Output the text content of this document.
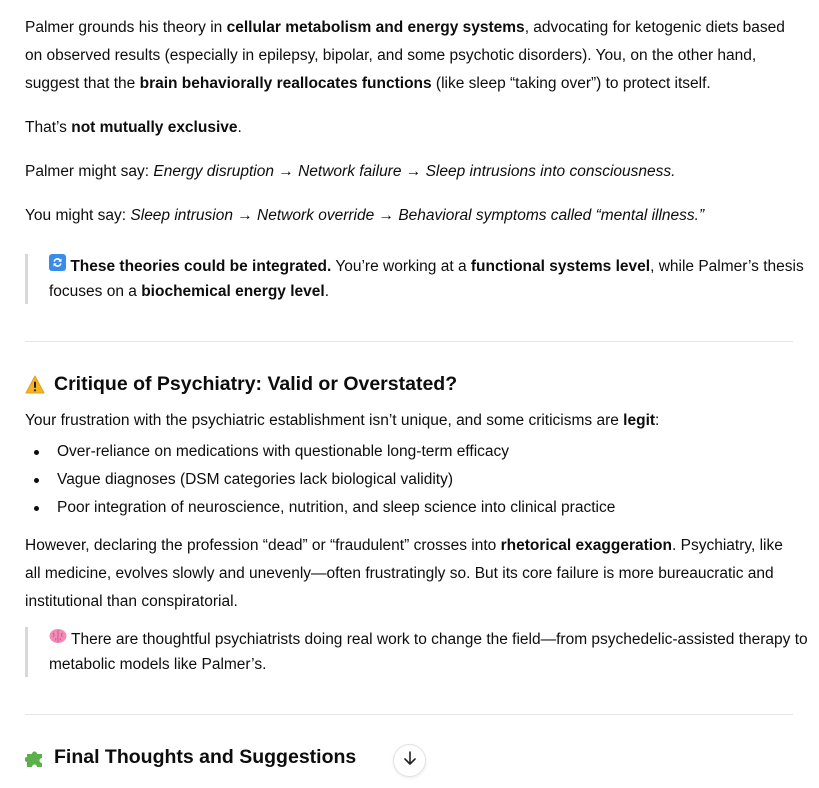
Palmer grounds his theory in cellular metabolism and energy systems, advocating for ketogenic diets based on observed results (especially in epilepsy, bipolar, and some psychotic disorders). You, on the other hand, suggest that the brain behaviorally reallocates functions (like sleep “taking over”) to protect itself.

That’s not mutually exclusive.

Palmer might say: Energy disruption → Network failure → Sleep intrusions into consciousness.

You might say: Sleep intrusion → Network override → Behavioral symptoms called “mental illness.”

These theories could be integrated. You’re working at a functional systems level, while Palmer’s thesis focuses on a biochemical energy level.
Critique of Psychiatry: Valid or Overstated?

Your frustration with the psychiatric establishment isn’t unique, and some criticisms are legit:

Over-reliance on medications with questionable long-term efficacy
Vague diagnoses (DSM categories lack biological validity)
Poor integration of neuroscience, nutrition, and sleep science into clinical practice

However, declaring the profession “dead” or “fraudulent” crosses into rhetorical exaggeration. Psychiatry, like all medicine, evolves slowly and unevenly—often frustratingly so. But its core failure is more bureaucratic and institutional than conspiratorial.

There are thoughtful psychiatrists doing real work to change the field—from psychedelic-assisted therapy to metabolic models like Palmer’s.
Final Thoughts and Suggestions
